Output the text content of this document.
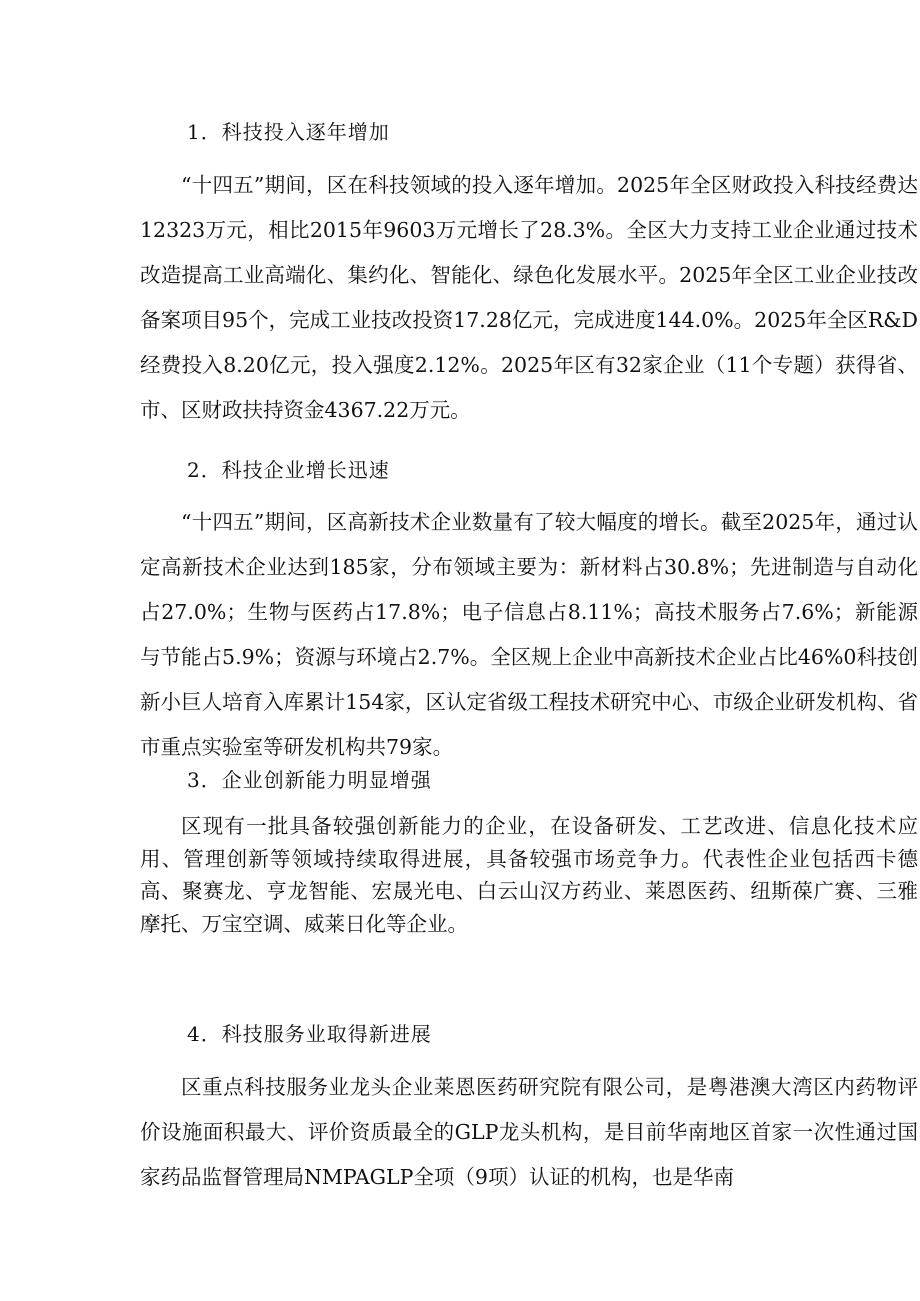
1．科技投入逐年增加

“十四五”期间，区在科技领域的投入逐年增加。2025年全区财政投入科技经费达12323万元，相比2015年9603万元增长了28.3%。全区大力支持工业企业通过技术改造提高工业高端化、集约化、智能化、绿色化发展水平。2025年全区工业企业技改备案项目95个，完成工业技改投资17.28亿元，完成进度144.0%。2025年全区R&D经费投入8.20亿元，投入强度2.12%。2025年区有32家企业（11个专题）获得省、市、区财政扶持资金4367.22万元。

2．科技企业增长迅速

“十四五”期间，区高新技术企业数量有了较大幅度的增长。截至2025年，通过认定高新技术企业达到185家，分布领域主要为：新材料占30.8%；先进制造与自动化占27.0%；生物与医药占17.8%；电子信息占8.11%；高技术服务占7.6%；新能源与节能占5.9%；资源与环境占2.7%。全区规上企业中高新技术企业占比46%0科技创新小巨人培育入库累计154家，区认定省级工程技术研究中心、市级企业研发机构、省市重点实验室等研发机构共79家。

3．企业创新能力明显增强

区现有一批具备较强创新能力的企业，在设备研发、工艺改进、信息化技术应用、管理创新等领域持续取得进展，具备较强市场竞争力。代表性企业包括西卡德高、聚赛龙、亨龙智能、宏晟光电、白云山汉方药业、莱恩医药、纽斯葆广赛、三雅摩托、万宝空调、威莱日化等企业。

4．科技服务业取得新进展

区重点科技服务业龙头企业莱恩医药研究院有限公司，是粤港澳大湾区内药物评价设施面积最大、评价资质最全的GLP龙头机构，是目前华南地区首家一次性通过国家药品监督管理局NMPAGLP全项（9项）认证的机构，也是华南
